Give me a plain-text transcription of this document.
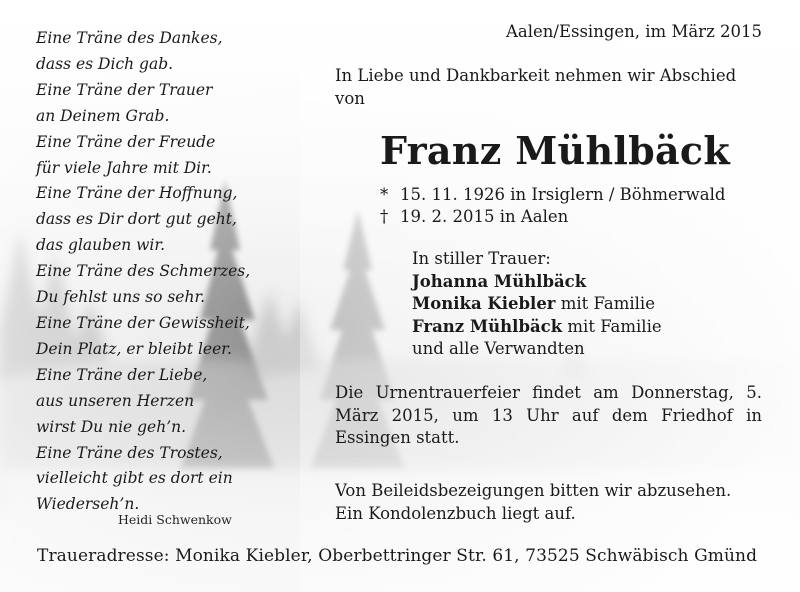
Eine Träne des Dankes,
dass es Dich gab.
Eine Träne der Trauer
an Deinem Grab.
Eine Träne der Freude
für viele Jahre mit Dir.
Eine Träne der Hoffnung,
dass es Dir dort gut geht,
das glauben wir.
Eine Träne des Schmerzes,
Du fehlst uns so sehr.
Eine Träne der Gewissheit,
Dein Platz, er bleibt leer.
Eine Träne der Liebe,
aus unseren Herzen
wirst Du nie geh’n.
Eine Träne des Trostes,
vielleicht gibt es dort ein
Wiederseh’n.
Heidi Schwenkow
Aalen/Essingen, im März 2015
In Liebe und Dankbarkeit nehmen wir Abschied
von
Franz Mühlbäck
* 15. 11. 1926 in Irsiglern / Böhmerwald
† 19. 2. 2015 in Aalen
In stiller Trauer:
Johanna Mühlbäck
Monika Kiebler mit Familie
Franz Mühlbäck mit Familie
und alle Verwandten
Die Urnentrauerfeier findet am Donnerstag, 5. März 2015, um 13 Uhr auf dem Friedhof in Essingen statt.
Von Beileidsbezeigungen bitten wir abzusehen.
Ein Kondolenzbuch liegt auf.
Traueradresse: Monika Kiebler, Oberbettringer Str. 61, 73525 Schwäbisch Gmünd
